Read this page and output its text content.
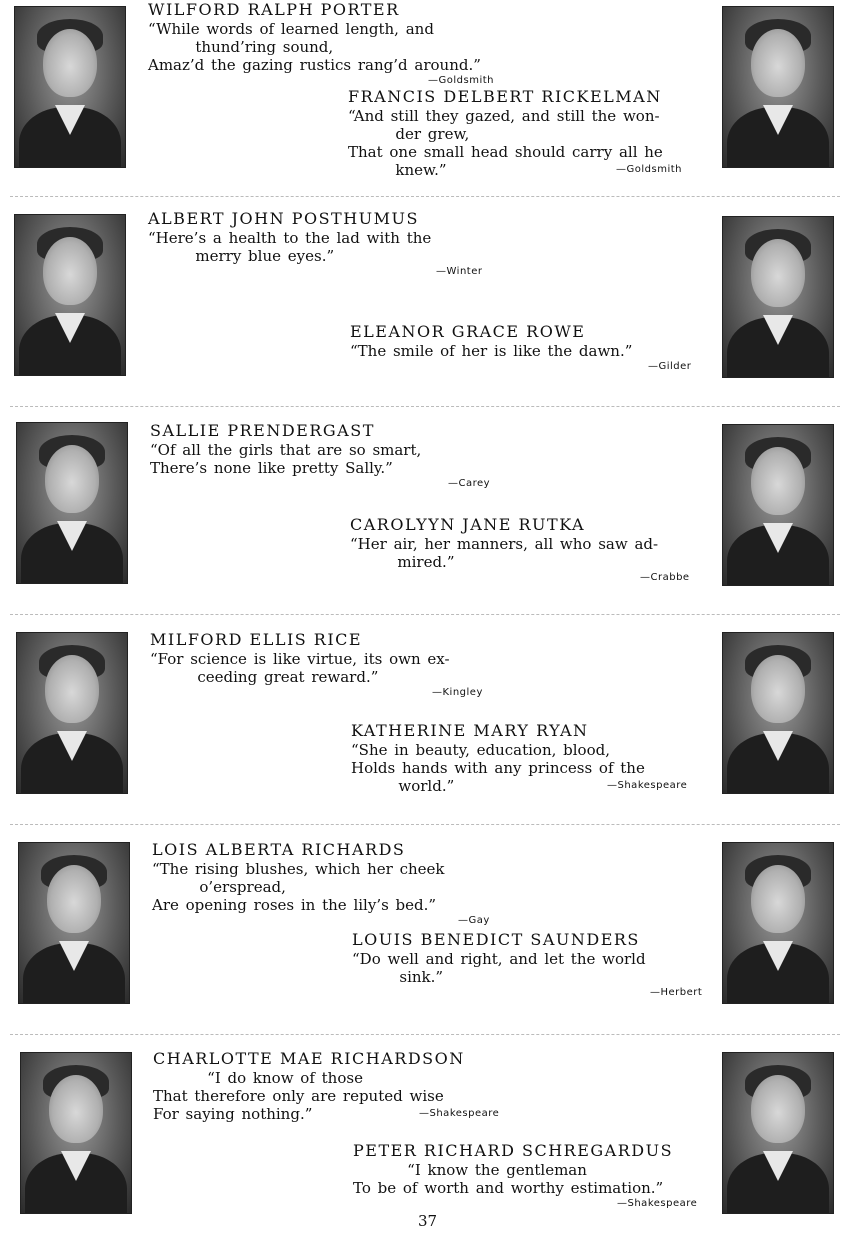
WILFORD RALPH PORTER
“While words of learned length, and
thund’ring sound,
Amaz’d the gazing rustics rang’d around.”
—Goldsmith
FRANCIS DELBERT RICKELMAN
“And still they gazed, and still the won-
der grew,
That one small head should carry all he
knew.”	—Goldsmith
ALBERT JOHN POSTHUMUS
“Here’s a health to the lad with the
merry blue eyes.”
—Winter
ELEANOR GRACE ROWE
“The smile of her is like the dawn.”
—Gilder
SALLIE PRENDERGAST
“Of all the girls that are so smart,
There’s none like pretty Sally.”
—Carey
CAROLYYN JANE RUTKA
“Her air, her manners, all who saw ad-
mired.”
—Crabbe
MILFORD ELLIS RICE
“For science is like virtue, its own ex-
ceeding great reward.”
—Kingley
KATHERINE MARY RYAN
“She in beauty, education, blood,
Holds hands with any princess of the
world.”	—Shakespeare
LOIS ALBERTA RICHARDS
“The rising blushes, which her cheek
o’erspread,
Are opening roses in the lily’s bed.”
—Gay
LOUIS BENEDICT SAUNDERS
“Do well and right, and let the world
sink.”
—Herbert
CHARLOTTE MAE RICHARDSON
“I do know of those
That therefore only are reputed wise
For saying nothing.”	—Shakespeare
PETER RICHARD SCHREGARDUS
“I know the gentleman
To be of worth and worthy estimation.”
—Shakespeare
37
